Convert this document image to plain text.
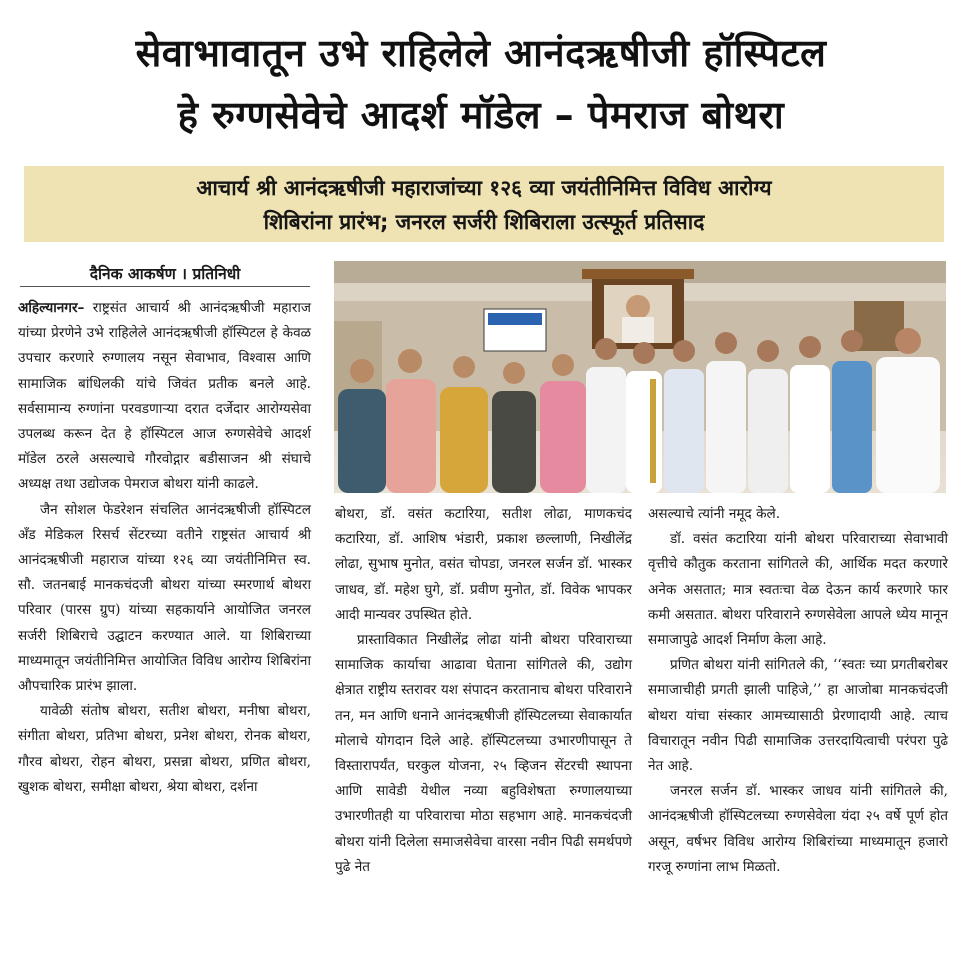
सेवाभावातून उभे राहिलेले आनंदऋषीजी हॉस्पिटल
हे रुग्णसेवेचे आदर्श मॉडेल – पेमराज बोथरा
आचार्य श्री आनंदऋषीजी महाराजांच्या १२६ व्या जयंतीनिमित्त विविध आरोग्य
शिबिरांना प्रारंभ; जनरल सर्जरी शिबिराला उत्स्फूर्त प्रतिसाद
दैनिक आकर्षण । प्रतिनिधी

अहिल्यानगर– राष्ट्रसंत आचार्य श्री आनंदऋषीजी महाराज यांच्या प्रेरणेने उभे राहिलेले आनंदऋषीजी हॉस्पिटल हे केवळ उपचार करणारे रुग्णालय नसून सेवाभाव, विश्वास आणि सामाजिक बांधिलकी यांचे जिवंत प्रतीक बनले आहे. सर्वसामान्य रुग्णांना परवडणाऱ्या दरात दर्जेदार आरोग्यसेवा उपलब्ध करून देत हे हॉस्पिटल आज रुग्णसेवेचे आदर्श मॉडेल ठरले असल्याचे गौरवोद्गार बडीसाजन श्री संघाचे अध्यक्ष तथा उद्योजक पेमराज बोथरा यांनी काढले.

जैन सोशल फेडरेशन संचलित आनंदऋषीजी हॉस्पिटल अँड मेडिकल रिसर्च सेंटरच्या वतीने राष्ट्रसंत आचार्य श्री आनंदऋषीजी महाराज यांच्या १२६ व्या जयंतीनिमित्त स्व. सौ. जतनबाई मानकचंदजी बोथरा यांच्या स्मरणार्थ बोथरा परिवार (पारस ग्रुप) यांच्या सहकार्याने आयोजित जनरल सर्जरी शिबिराचे उद्घाटन करण्यात आले. या शिबिराच्या माध्यमातून जयंतीनिमित्त आयोजित विविध आरोग्य शिबिरांना औपचारिक प्रारंभ झाला.

यावेळी संतोष बोथरा, सतीश बोथरा, मनीषा बोथरा, संगीता बोथरा, प्रतिभा बोथरा, प्रनेश बोथरा, रोनक बोथरा, गौरव बोथरा, रोहन बोथरा, प्रसन्ना बोथरा, प्रणित बोथरा, खुशक बोथरा, समीक्षा बोथरा, श्रेया बोथरा, दर्शना

बोथरा, डॉ. वसंत कटारिया, सतीश लोढा, माणकचंद कटारिया, डॉ. आशिष भंडारी, प्रकाश छल्लाणी, निखीलेंद्र लोढा, सुभाष मुनोत, वसंत चोपडा, जनरल सर्जन डॉ. भास्कर जाधव, डॉ. महेश घुगे, डॉ. प्रवीण मुनोत, डॉ. विवेक भापकर आदी मान्यवर उपस्थित होते.

प्रास्ताविकात निखीलेंद्र लोढा यांनी बोथरा परिवाराच्या सामाजिक कार्याचा आढावा घेताना सांगितले की, उद्योग क्षेत्रात राष्ट्रीय स्तरावर यश संपादन करतानाच बोथरा परिवाराने तन, मन आणि धनाने आनंदऋषीजी हॉस्पिटलच्या सेवाकार्यात मोलाचे योगदान दिले आहे. हॉस्पिटलच्या उभारणीपासून ते विस्तारापर्यंत, घरकुल योजना, २५ व्हिजन सेंटरची स्थापना आणि सावेडी येथील नव्या बहुविशेषता रुग्णालयाच्या उभारणीतही या परिवाराचा मोठा सहभाग आहे. मानकचंदजी बोथरा यांनी दिलेला समाजसेवेचा वारसा नवीन पिढी समर्थपणे पुढे नेत

असल्याचे त्यांनी नमूद केले.

डॉ. वसंत कटारिया यांनी बोथरा परिवाराच्या सेवाभावी वृत्तीचे कौतुक करताना सांगितले की, आर्थिक मदत करणारे अनेक असतात; मात्र स्वतःचा वेळ देऊन कार्य करणारे फार कमी असतात. बोथरा परिवाराने रुग्णसेवेला आपले ध्येय मानून समाजापुढे आदर्श निर्माण केला आहे.

प्रणित बोथरा यांनी सांगितले की, ‘‘स्वतः च्या प्रगतीबरोबर समाजाचीही प्रगती झाली पाहिजे,’’ हा आजोबा मानकचंदजी बोथरा यांचा संस्कार आमच्यासाठी प्रेरणादायी आहे. त्याच विचारातून नवीन पिढी सामाजिक उत्तरदायित्वाची परंपरा पुढे नेत आहे.

जनरल सर्जन डॉ. भास्कर जाधव यांनी सांगितले की, आनंदऋषीजी हॉस्पिटलच्या रुग्णसेवेला यंदा २५ वर्षे पूर्ण होत असून, वर्षभर विविध आरोग्य शिबिरांच्या माध्यमातून हजारो गरजू रुग्णांना लाभ मिळतो.
